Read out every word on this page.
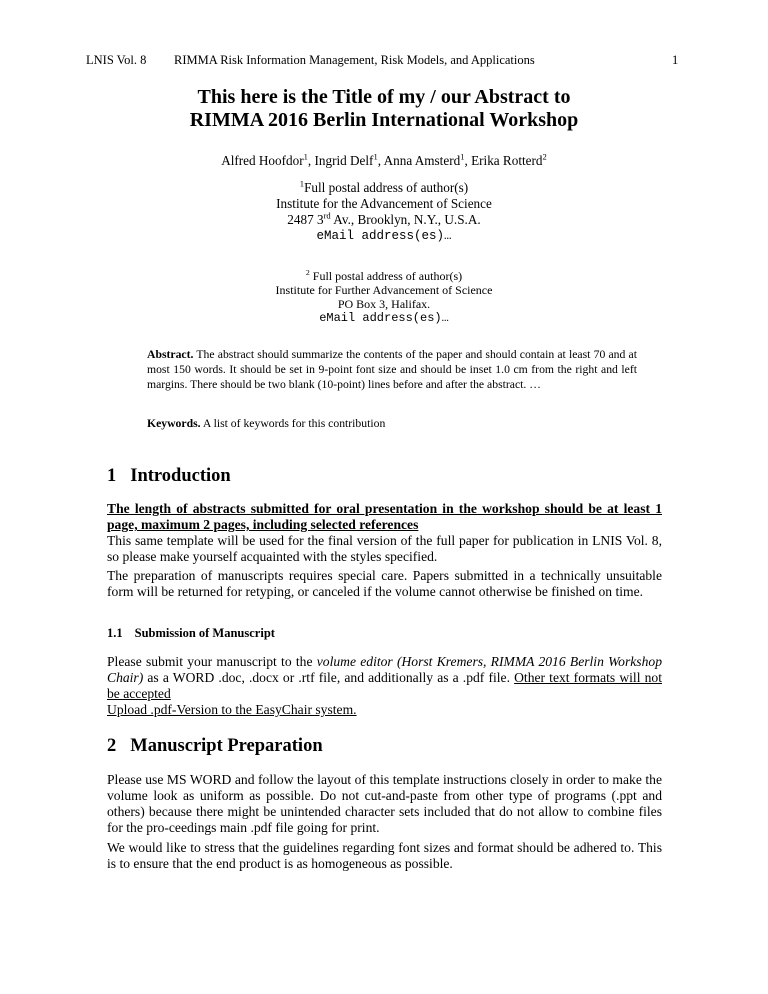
LNIS Vol. 8 RIMMA Risk Information Management, Risk Models, and Applications	1
This here is the Title of my / our Abstract to
RIMMA 2016 Berlin International Workshop
Alfred Hoofdor$^1$, Ingrid Delf$^1$, Anna Amsterd$^1$, Erika Rotterd$^2$
$^1$Full postal address of author(s)
Institute for the Advancement of Science
2487 3rd Av., Brooklyn, N.Y., U.S.A.
eMail address(es)…
$^2$ Full postal address of author(s)
Institute for Further Advancement of Science
PO Box 3, Halifax.
eMail address(es)…
Abstract. The abstract should summarize the contents of the paper and should contain at least 70 and at most 150 words. It should be set in 9-point font size and should be inset 1.0 cm from the right and left margins. There should be two blank (10-point) lines before and after the abstract. …
Keywords. A list of keywords for this contribution
1 Introduction
The length of abstracts submitted for oral presentation in the workshop should be at least 1 page, maximum 2 pages, including selected references
This same template will be used for the final version of the full paper for publication in LNIS Vol. 8, so please make yourself acquainted with the styles specified.
The preparation of manuscripts requires special care. Papers submitted in a technically unsuitable form will be returned for retyping, or canceled if the volume cannot otherwise be finished on time.
1.1 Submission of Manuscript
Please submit your manuscript to the volume editor (Horst Kremers, RIMMA 2016 Berlin Workshop Chair) as a WORD .doc, .docx or .rtf file, and additionally as a .pdf file. Other text formats will not be accepted
Upload .pdf-Version to the EasyChair system.
2 Manuscript Preparation
Please use MS WORD and follow the layout of this template instructions closely in order to make the volume look as uniform as possible. Do not cut-and-paste from other type of programs (.ppt and others) because there might be unintended character sets included that do not allow to combine files for the pro-ceedings main .pdf file going for print.
We would like to stress that the guidelines regarding font sizes and format should be adhered to. This is to ensure that the end product is as homogeneous as possible.
